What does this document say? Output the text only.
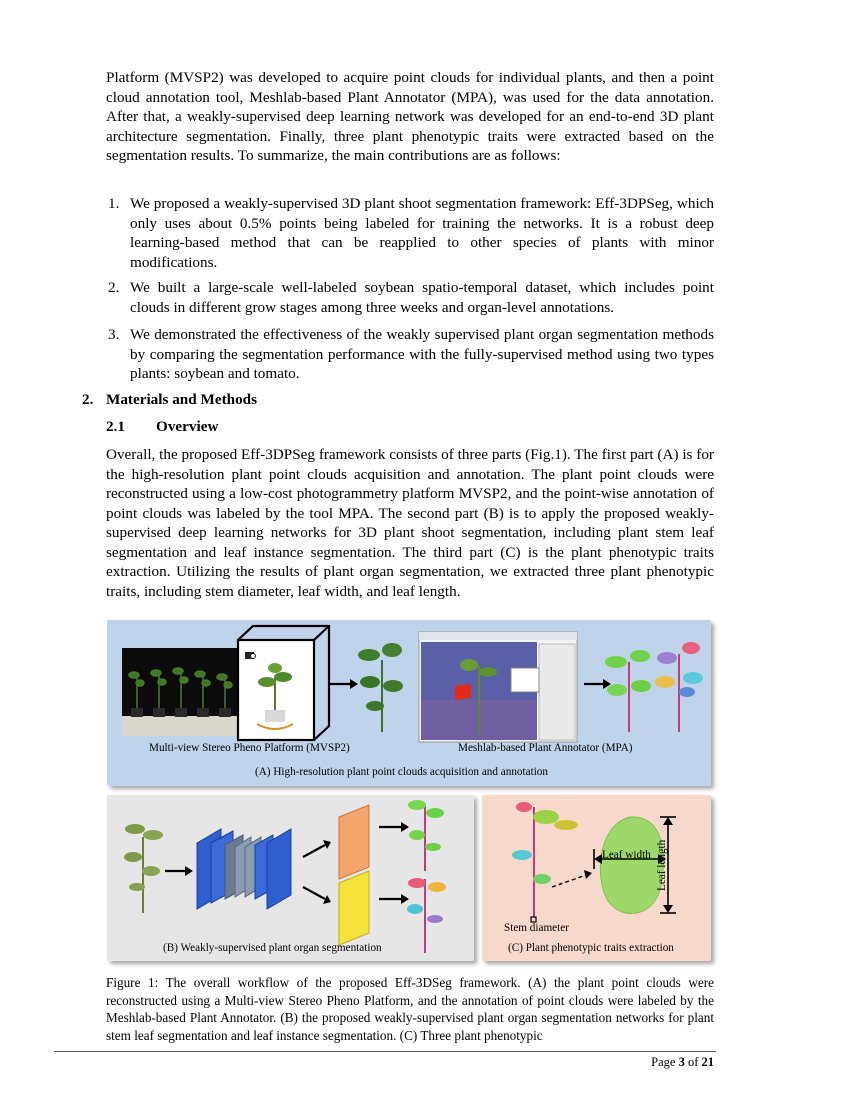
Platform (MVSP2) was developed to acquire point clouds for individual plants, and then a point cloud annotation tool, Meshlab-based Plant Annotator (MPA), was used for the data annotation. After that, a weakly-supervised deep learning network was developed for an end-to-end 3D plant architecture segmentation. Finally, three plant phenotypic traits were extracted based on the segmentation results. To summarize, the main contributions are as follows:

1. We proposed a weakly-supervised 3D plant shoot segmentation framework: Eff-3DPSeg, which only uses about 0.5% points being labeled for training the networks. It is a robust deep learning-based method that can be reapplied to other species of plants with minor modifications.
2. We built a large-scale well-labeled soybean spatio-temporal dataset, which includes point clouds in different grow stages among three weeks and organ-level annotations.
3. We demonstrated the effectiveness of the weakly supervised plant organ segmentation methods by comparing the segmentation performance with the fully-supervised method using two types plants: soybean and tomato.
2. Materials and Methods
2.1 Overview

Overall, the proposed Eff-3DPSeg framework consists of three parts (Fig.1). The first part (A) is for the high-resolution plant point clouds acquisition and annotation. The plant point clouds were reconstructed using a low-cost photogrammetry platform MVSP2, and the point-wise annotation of point clouds was labeled by the tool MPA. The second part (B) is to apply the proposed weakly-supervised deep learning networks for 3D plant shoot segmentation, including plant stem leaf segmentation and leaf instance segmentation. The third part (C) is the plant phenotypic traits extraction. Utilizing the results of plant organ segmentation, we extracted three plant phenotypic traits, including stem diameter, leaf width, and leaf length.

Multi-view Stereo Pheno Platform (MVSP2)	Meshlab-based Plant Annotator (MPA)
(A) High-resolution plant point clouds acquisition and annotation
(B) Weakly-supervised plant organ segmentation
Leaf width Leaf length
Stem diameter
(C) Plant phenotypic traits extraction

Figure 1: The overall workflow of the proposed Eff-3DSeg framework. (A) the plant point clouds were reconstructed using a Multi-view Stereo Pheno Platform, and the annotation of point clouds were labeled by the Meshlab-based Plant Annotator. (B) the proposed weakly-supervised plant organ segmentation networks for plant stem leaf segmentation and leaf instance segmentation. (C) Three plant phenotypic

Page 3 of 21
